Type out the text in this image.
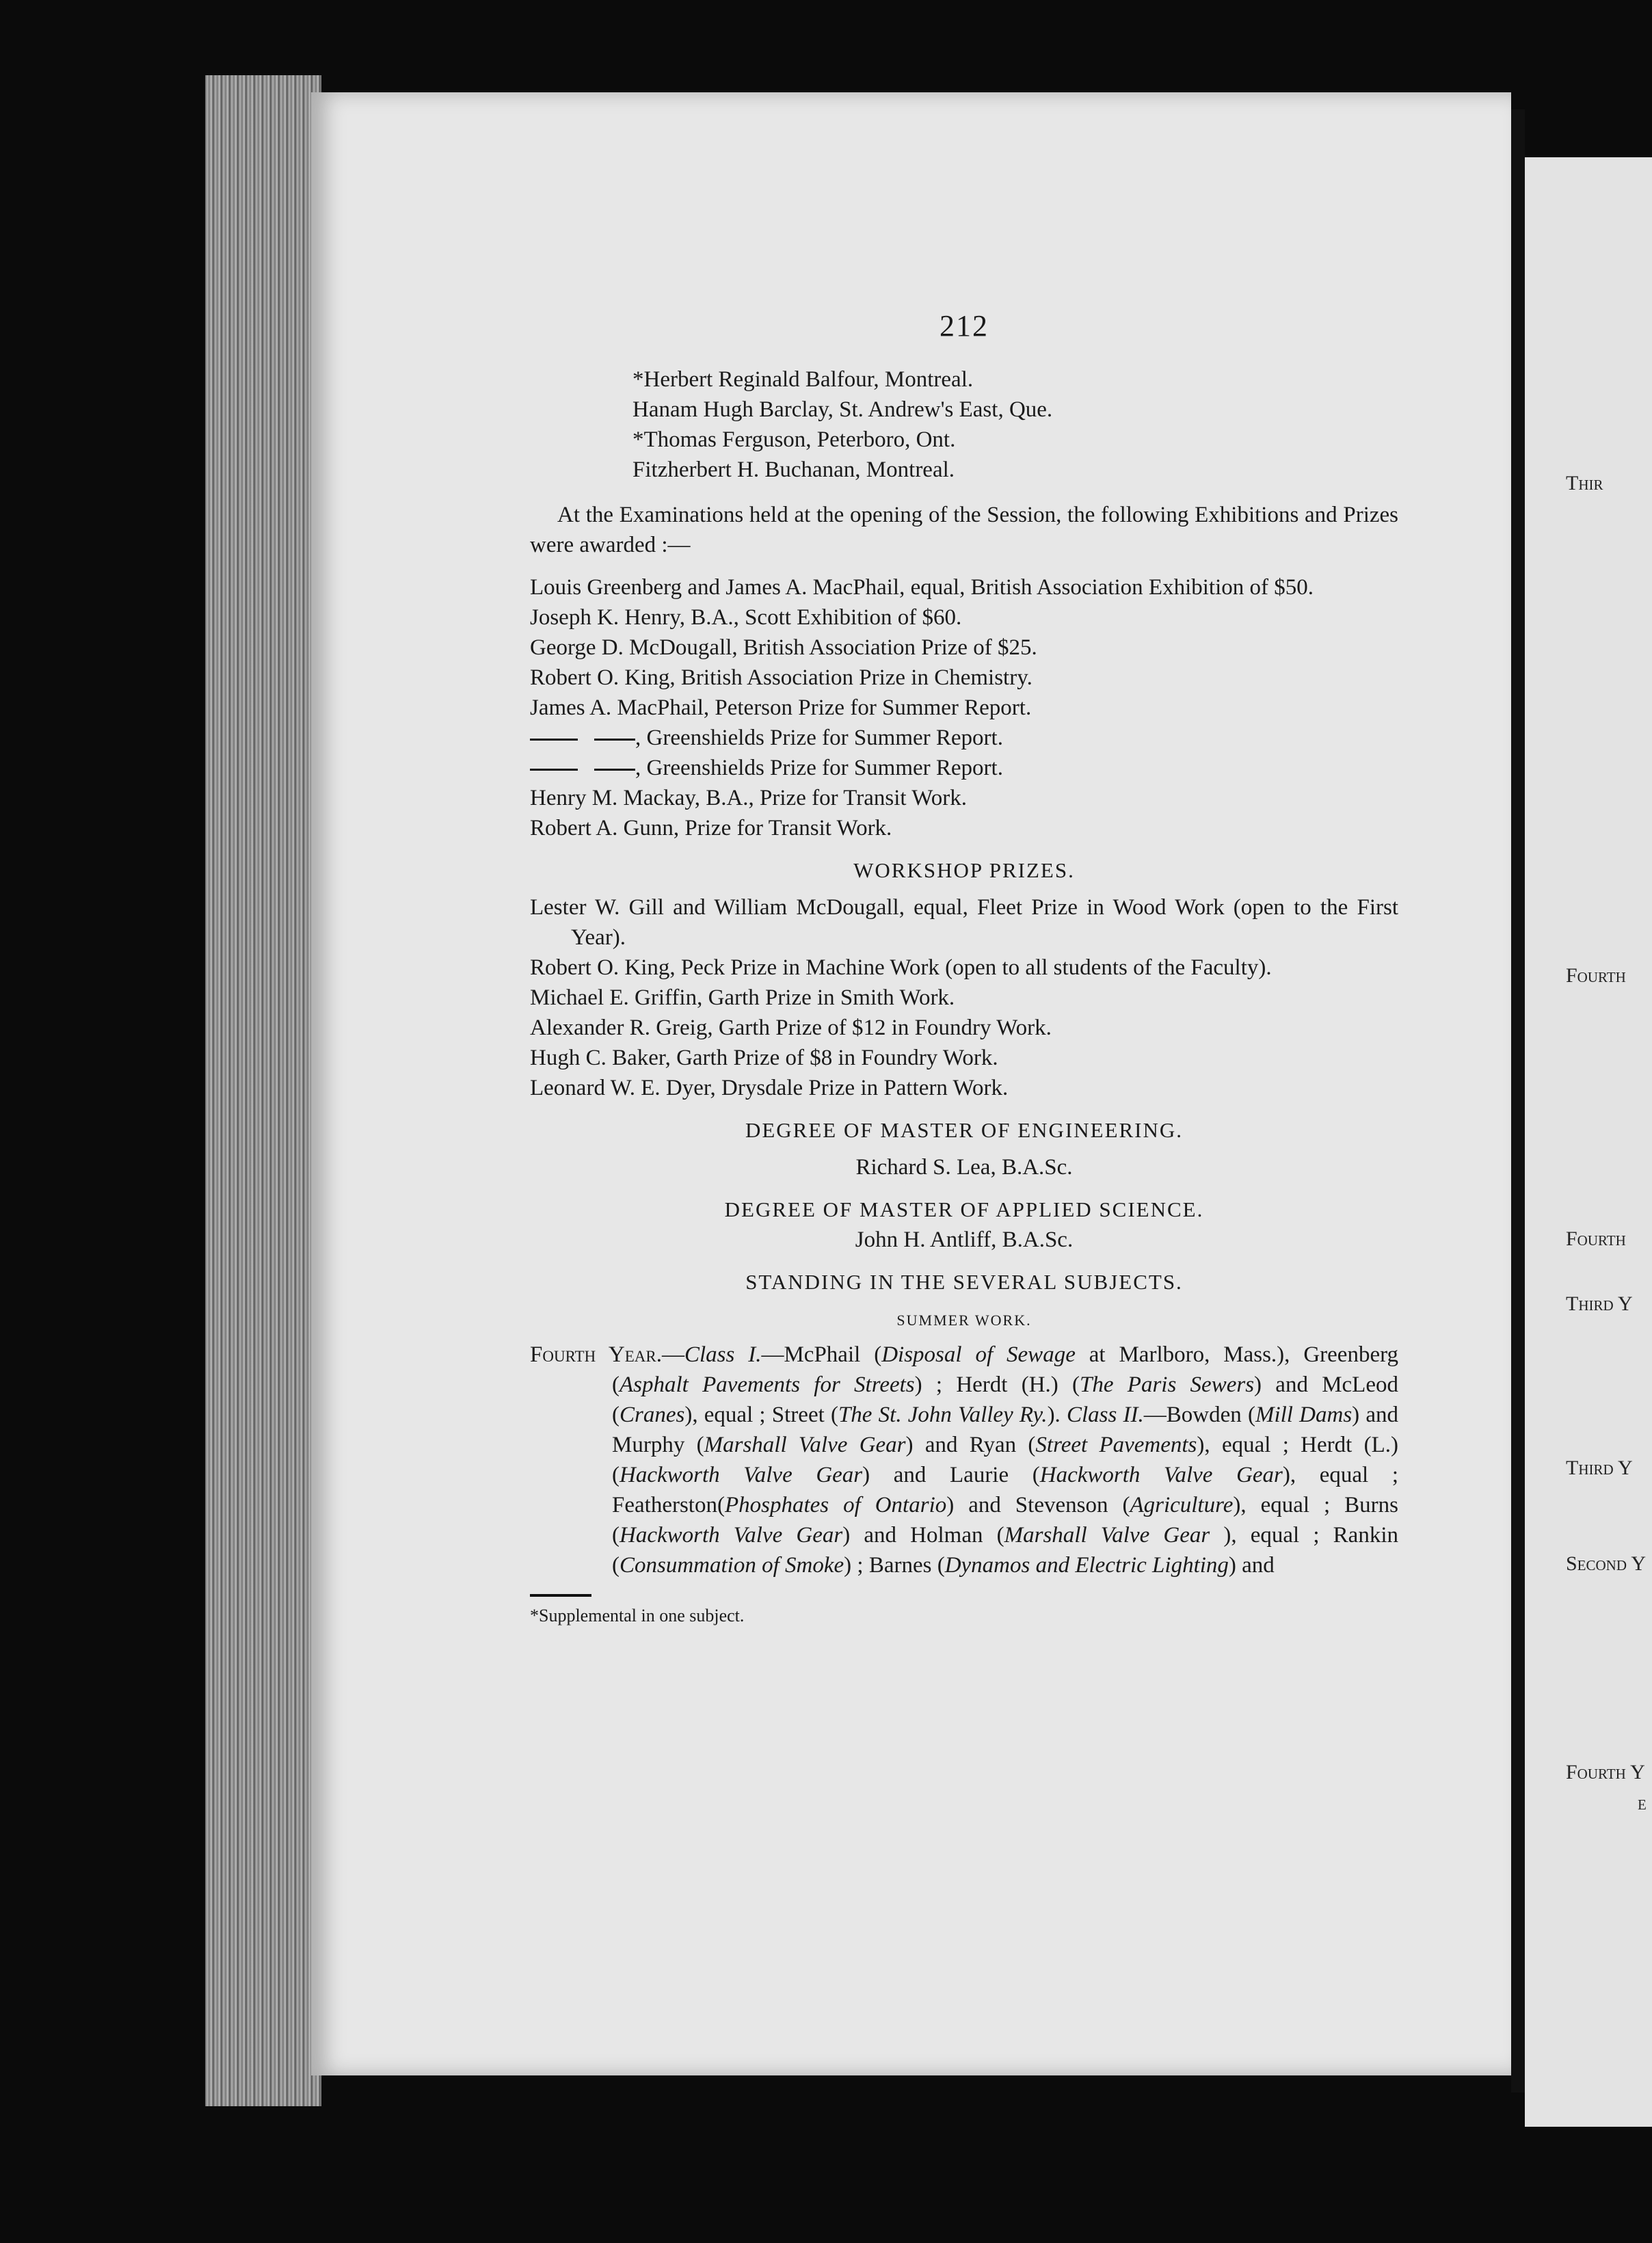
Thir
Fourth
Fourth
Third Y
Third Y
Second Y
Fourth Y
e
212
*Herbert Reginald Balfour, Montreal.
Hanam Hugh Barclay, St. Andrew's East, Que.
*Thomas Ferguson, Peterboro, Ont.
Fitzherbert H. Buchanan, Montreal.
At the Examinations held at the opening of the Session, the following Exhibitions and Prizes were awarded :—
Louis Greenberg and James A. MacPhail, equal, British Association Exhibition of $50.
Joseph K. Henry, B.A., Scott Exhibition of $60.
George D. McDougall, British Association Prize of $25.
Robert O. King, British Association Prize in Chemistry.
James A. MacPhail, Peterson Prize for Summer Report.
, Greenshields Prize for Summer Report.
, Greenshields Prize for Summer Report.
Henry M. Mackay, B.A., Prize for Transit Work.
Robert A. Gunn, Prize for Transit Work.
WORKSHOP PRIZES.
Lester W. Gill and William McDougall, equal, Fleet Prize in Wood Work (open to the First Year).
Robert O. King, Peck Prize in Machine Work (open to all students of the Faculty).
Michael E. Griffin, Garth Prize in Smith Work.
Alexander R. Greig, Garth Prize of $12 in Foundry Work.
Hugh C. Baker, Garth Prize of $8 in Foundry Work.
Leonard W. E. Dyer, Drysdale Prize in Pattern Work.
DEGREE OF MASTER OF ENGINEERING.
Richard S. Lea, B.A.Sc.
DEGREE OF MASTER OF APPLIED SCIENCE.
John H. Antliff, B.A.Sc.
STANDING IN THE SEVERAL SUBJECTS.
SUMMER WORK.
Fourth Year.—Class I.—McPhail (Disposal of Sewage at Marlboro, Mass.), Greenberg (Asphalt Pavements for Streets) ; Herdt (H.) (The Paris Sewers) and McLeod (Cranes), equal ; Street (The St. John Valley Ry.). Class II.—Bowden (Mill Dams) and Murphy (Marshall Valve Gear) and Ryan (Street Pavements), equal ; Herdt (L.) (Hackworth Valve Gear) and Laurie (Hackworth Valve Gear), equal ; Featherston(Phosphates of Ontario) and Stevenson (Agriculture), equal ; Burns (Hackworth Valve Gear) and Holman (Marshall Valve Gear ), equal ; Rankin (Consummation of Smoke) ; Barnes (Dynamos and Electric Lighting) and
*Supplemental in one subject.
